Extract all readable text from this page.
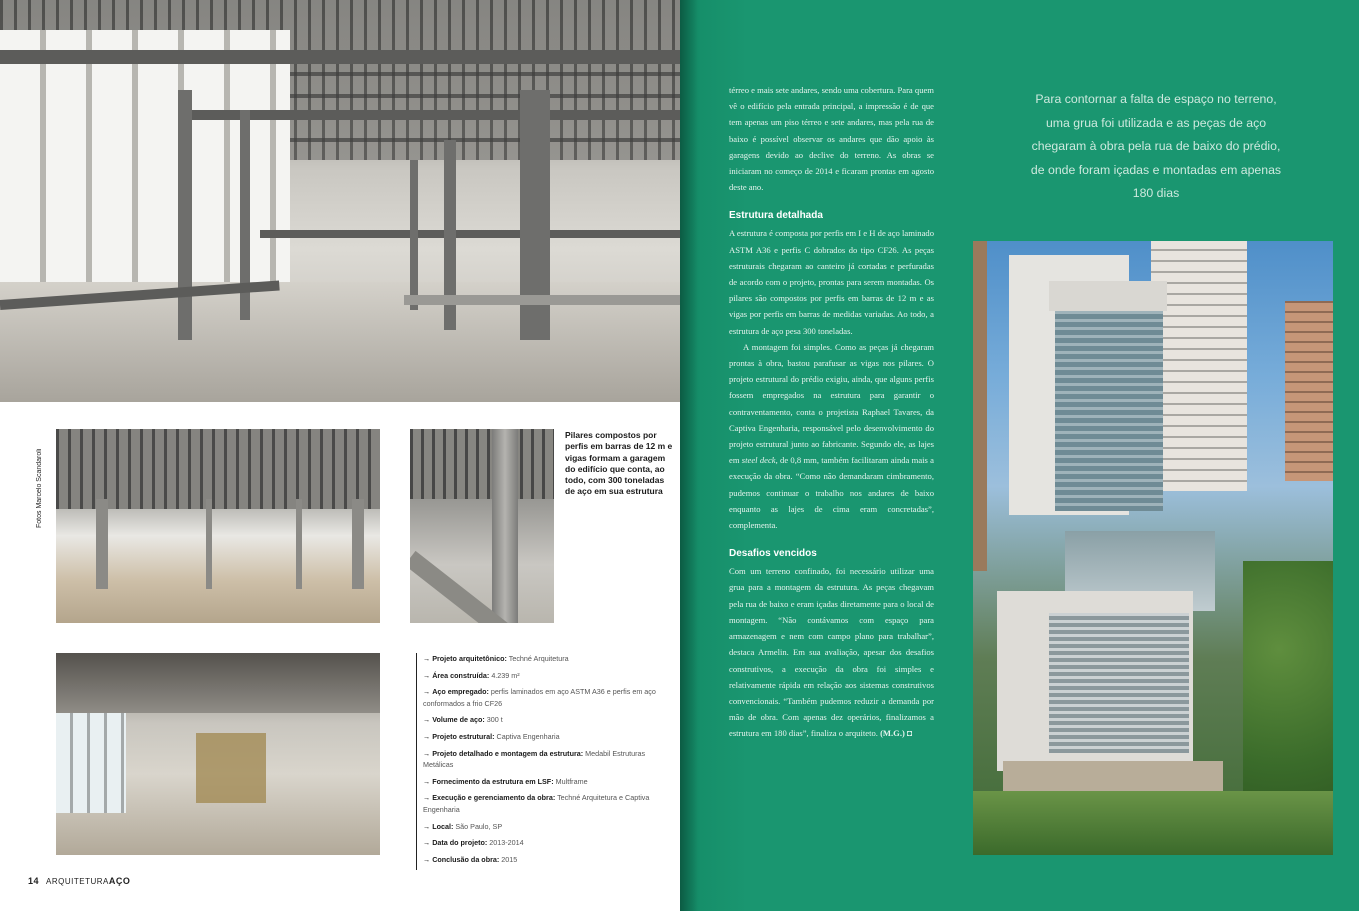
Fotos Marcelo Scandaroli
Pilares compostos por perfis em barras de 12 m e vigas formam a garagem do edifício que conta, ao todo, com 300 toneladas de aço em sua estrutura
→ Projeto arquitetônico: Techné Arquitetura
→ Área construída: 4.239 m²
→ Aço empregado: perfis laminados em aço ASTM A36 e perfis em aço conformados a frio CF26
→ Volume de aço: 300 t
→ Projeto estrutural: Captiva Engenharia
→ Projeto detalhado e montagem da estrutura: Medabil Estruturas Metálicas
→ Fornecimento da estrutura em LSF: Multframe
→ Execução e gerenciamento da obra: Techné Arquitetura e Captiva Engenharia
→ Local: São Paulo, SP
→ Data do projeto: 2013-2014
→ Conclusão da obra: 2015
14 ARQUITETURAAÇO

térreo e mais sete andares, sendo uma cobertura. Para quem vê o edifício pela entrada principal, a impressão é de que tem apenas um piso térreo e sete andares, mas pela rua de baixo é possível observar os andares que dão apoio às garagens devido ao declive do terreno. As obras se iniciaram no começo de 2014 e ficaram prontas em agosto deste ano.

Estrutura detalhada

A estrutura é composta por perfis em I e H de aço laminado ASTM A36 e perfis C dobrados do tipo CF26. As peças estruturais chegaram ao canteiro já cortadas e perfuradas de acordo com o projeto, prontas para serem montadas. Os pilares são compostos por perfis em barras de 12 m e as vigas por perfis em barras de medidas variadas. Ao todo, a estrutura de aço pesa 300 toneladas.

A montagem foi simples. Como as peças já chegaram prontas à obra, bastou parafusar as vigas nos pilares. O projeto estrutural do prédio exigiu, ainda, que alguns perfis fossem empregados na estrutura para garantir o contraventamento, conta o projetista Raphael Tavares, da Captiva Engenharia, responsável pelo desenvolvimento do projeto estrutural junto ao fabricante. Segundo ele, as lajes em steel deck, de 0,8 mm, também facilitaram ainda mais a execução da obra. “Como não demandaram cimbramento, pudemos continuar o trabalho nos andares de baixo enquanto as lajes de cima eram concretadas”, complementa.

Desafios vencidos

Com um terreno confinado, foi necessário utilizar uma grua para a montagem da estrutura. As peças chegavam pela rua de baixo e eram içadas diretamente para o local de montagem. “Não contávamos com espaço para armazenagem e nem com campo plano para trabalhar”, destaca Armelin. Em sua avaliação, apesar dos desafios construtivos, a execução da obra foi simples e relativamente rápida em relação aos sistemas construtivos convencionais. “Também pudemos reduzir a demanda por mão de obra. Com apenas dez operários, finalizamos a estrutura em 180 dias”, finaliza o arquiteto. (M.G.) ◘

Para contornar a falta de espaço no terreno, uma grua foi utilizada e as peças de aço chegaram à obra pela rua de baixo do prédio, de onde foram içadas e montadas em apenas 180 dias
